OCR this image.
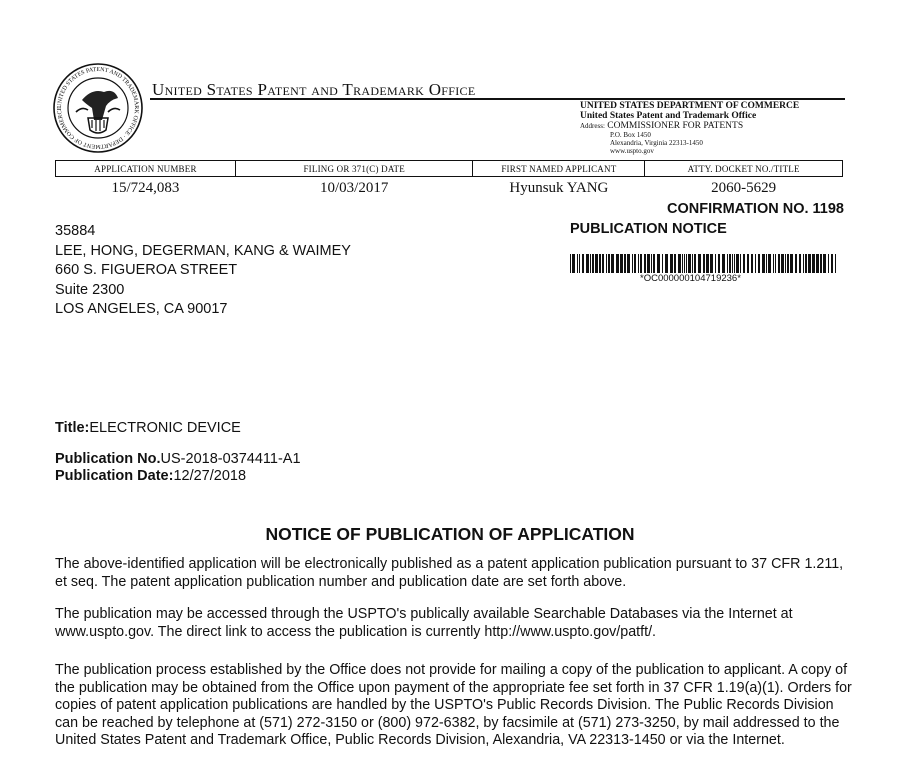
UNITED STATES PATENT AND TRADEMARK OFFICE · DEPARTMENT OF COMMERCE
United States Patent and Trademark Office
UNITED STATES DEPARTMENT OF COMMERCE
United States Patent and Trademark Office
Address: COMMISSIONER FOR PATENTS
P.O. Box 1450
Alexandria, Virginia 22313-1450
www.uspto.gov
APPLICATION NUMBER	FILING OR 371(C) DATE	FIRST NAMED APPLICANT	ATTY. DOCKET NO./TITLE
15/724,083	10/03/2017	Hyunsuk YANG	2060-5629
CONFIRMATION NO. 1198
PUBLICATION NOTICE
35884
LEE, HONG, DEGERMAN, KANG & WAIMEY
660 S. FIGUEROA STREET
Suite 2300
LOS ANGELES, CA 90017
*OC000000104719236*
Title:ELECTRONIC DEVICE
Publication No.US-2018-0374411-A1
Publication Date:12/27/2018
NOTICE OF PUBLICATION OF APPLICATION

The above-identified application will be electronically published as a patent application publication pursuant to 37 CFR 1.211, et seq. The patent application publication number and publication date are set forth above.

The publication may be accessed through the USPTO's publically available Searchable Databases via the Internet at www.uspto.gov. The direct link to access the publication is currently http://www.uspto.gov/patft/.

The publication process established by the Office does not provide for mailing a copy of the publication to applicant. A copy of the publication may be obtained from the Office upon payment of the appropriate fee set forth in 37 CFR 1.19(a)(1). Orders for copies of patent application publications are handled by the USPTO's Public Records Division. The Public Records Division can be reached by telephone at (571) 272-3150 or (800) 972-6382, by facsimile at (571) 273-3250, by mail addressed to the United States Patent and Trademark Office, Public Records Division, Alexandria, VA 22313-1450 or via the Internet.
